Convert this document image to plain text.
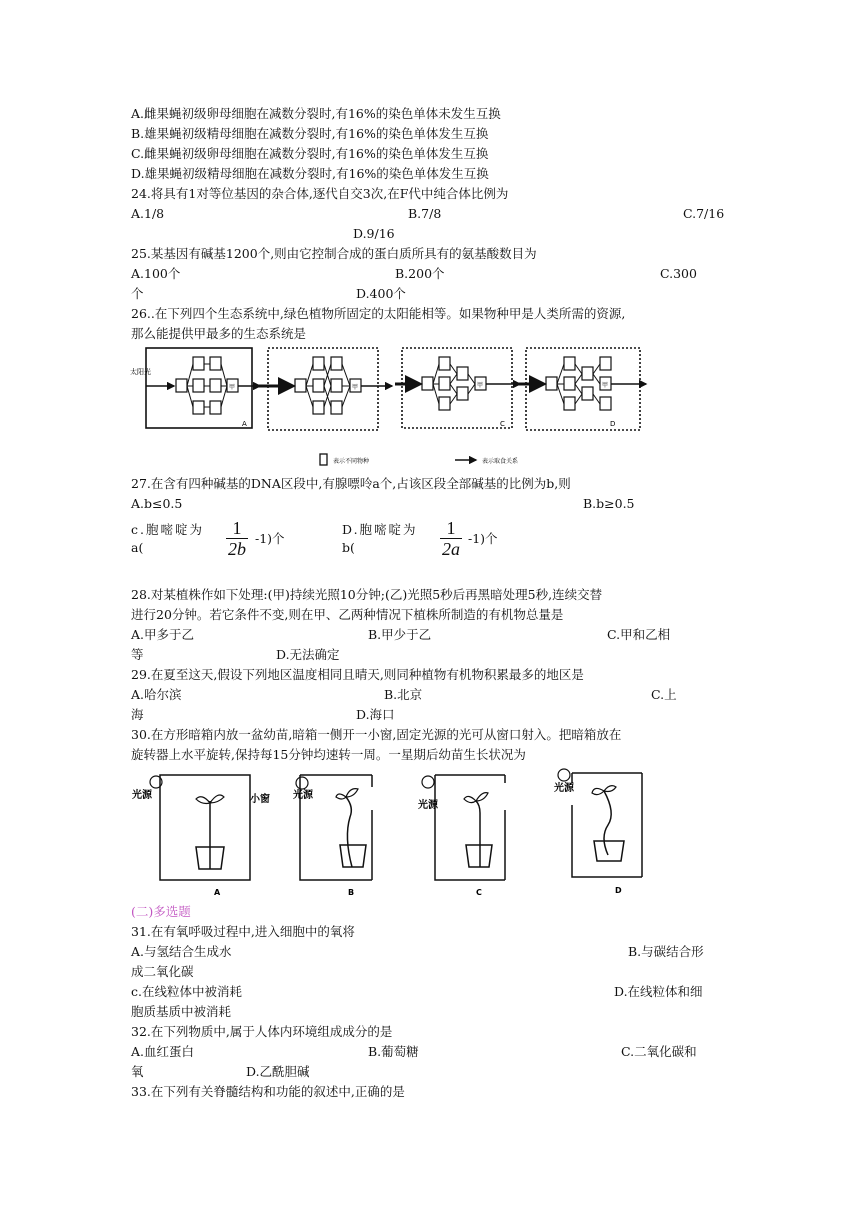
A.雌果蝇初级卵母细胞在减数分裂时,有16%的染色单体未发生互换
B.雄果蝇初级精母细胞在减数分裂时,有16%的染色单体发生互换
C.雌果蝇初级卵母细胞在减数分裂时,有16%的染色单体发生互换
D.雄果蝇初级精母细胞在减数分裂时,有16%的染色单体发生互换
24.将具有1对等位基因的杂合体,逐代自交3次,在F代中纯合体比例为
A.1/8	B.7/8	C.7/16
D.9/16
25.某基因有碱基1200个,则由它控制合成的蛋白质所具有的氨基酸数目为
A.100个	B.200个	C.300
个	D.400个
26..在下列四个生态系统中,绿色植物所固定的太阳能相等。如果物种甲是人类所需的资源,
那么能提供甲最多的生态系统是
太阳光
甲
A
甲	甲
C
甲
D
表示不同物种	表示取食关系
27.在含有四种碱基的DNA区段中,有腺嘌呤a个,占该区段全部碱基的比例为b,则
A.b≤0.5	B.b≥0.5
c.胞嘧啶为
a(
1
2b
-1)个
D.胞嘧啶为
b(
1
2a
-1)个
28.对某植株作如下处理:(甲)持续光照10分钟;(乙)光照5秒后再黑暗处理5秒,连续交替
进行20分钟。若它条件不变,则在甲、乙两种情况下植株所制造的有机物总量是
A.甲多于乙	B.甲少于乙	C.甲和乙相
等	D.无法确定
29.在夏至这天,假设下列地区温度相同且晴天,则同种植物有机物积累最多的地区是
A.哈尔滨	B.北京	C.上
海	D.海口
30.在方形暗箱内放一盆幼苗,暗箱一侧开一小窗,固定光源的光可从窗口射入。把暗箱放在
旋转器上水平旋转,保持每15分钟均速转一周。一星期后幼苗生长状况为
光源	小窗
A
光源
B
光源
C
光源
D
(二)多选题
31.在有氧呼吸过程中,进入细胞中的氧将
A.与氢结合生成水	B.与碳结合形
成二氧化碳
c.在线粒体中被消耗	D.在线粒体和细
胞质基质中被消耗
32.在下列物质中,属于人体内环境组成成分的是
A.血红蛋白	B.葡萄糖	C.二氧化碳和
氧	D.乙酰胆碱
33.在下列有关脊髓结构和功能的叙述中,正确的是
